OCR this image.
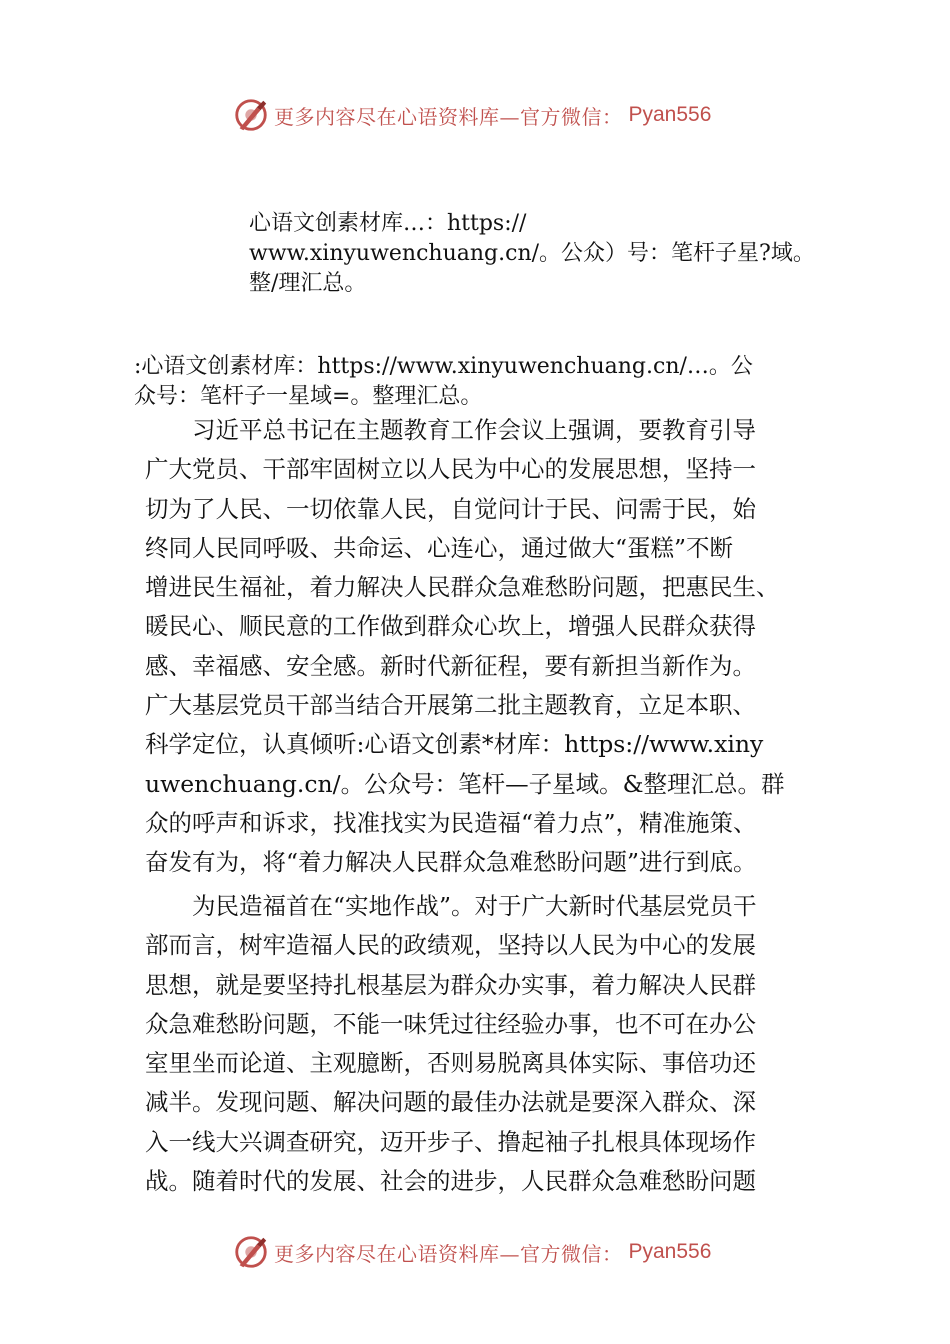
更多内容尽在心语资料库—官方微信： Pyan556
心语文创素材库…：https://
www.xinyuwenchuang.cn/。公众）号：笔杆子星?域。
整/理汇总。
:心语文创素材库：https://www.xinyuwenchuang.cn/…。公
众号：笔杆子一星域=。整理汇总。
　　习近平总书记在主题教育工作会议上强调，要教育引导
广大党员、干部牢固树立以人民为中心的发展思想，坚持一
切为了人民、一切依靠人民，自觉问计于民、问需于民，始
终同人民同呼吸、共命运、心连心，通过做大“蛋糕”不断
增进民生福祉，着力解决人民群众急难愁盼问题，把惠民生、
暖民心、顺民意的工作做到群众心坎上，增强人民群众获得
感、幸福感、安全感。新时代新征程，要有新担当新作为。
广大基层党员干部当结合开展第二批主题教育，立足本职、
科学定位，认真倾听:心语文创素*材库：https://www.xiny
uwenchuang.cn/。公众号：笔杆—子星域。&整理汇总。群
众的呼声和诉求，找准找实为民造福“着力点”，精准施策、
奋发有为，将“着力解决人民群众急难愁盼问题”进行到底。
　　为民造福首在“实地作战”。对于广大新时代基层党员干
部而言，树牢造福人民的政绩观，坚持以人民为中心的发展
思想，就是要坚持扎根基层为群众办实事，着力解决人民群
众急难愁盼问题，不能一味凭过往经验办事，也不可在办公
室里坐而论道、主观臆断，否则易脱离具体实际、事倍功还
减半。发现问题、解决问题的最佳办法就是要深入群众、深
入一线大兴调查研究，迈开步子、撸起袖子扎根具体现场作
战。随着时代的发展、社会的进步，人民群众急难愁盼问题
更多内容尽在心语资料库—官方微信： Pyan556
